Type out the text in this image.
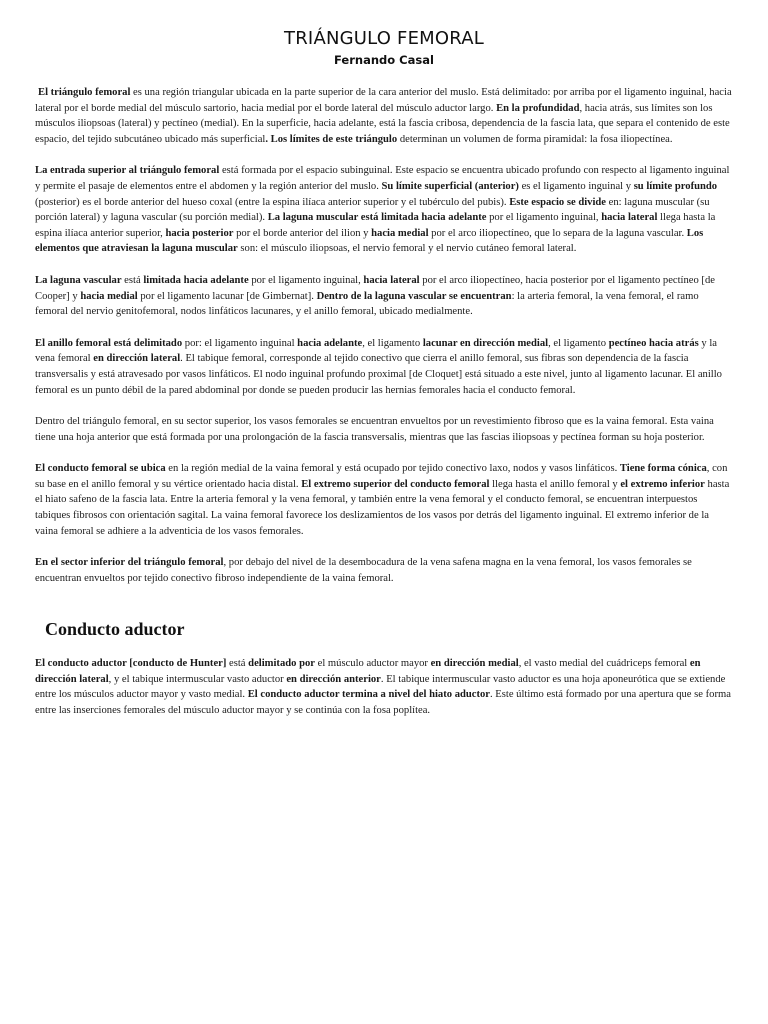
TRIÁNGULO FEMORAL
Fernando Casal

El triángulo femoral es una región triangular ubicada en la parte superior de la cara anterior del muslo. Está delimitado: por arriba por el ligamento inguinal, hacia lateral por el borde medial del músculo sartorio, hacia medial por el borde lateral del músculo aductor largo. En la profundidad, hacia atrás, sus límites son los músculos iliopsoas (lateral) y pectíneo (medial). En la superficie, hacia adelante, está la fascia cribosa, dependencia de la fascia lata, que separa el contenido de este espacio, del tejido subcutáneo ubicado más superficial. Los límites de este triángulo determinan un volumen de forma piramidal: la fosa iliopectínea.

La entrada superior al triángulo femoral está formada por el espacio subinguinal. Este espacio se encuentra ubicado profundo con respecto al ligamento inguinal y permite el pasaje de elementos entre el abdomen y la región anterior del muslo. Su límite superficial (anterior) es el ligamento inguinal y su límite profundo (posterior) es el borde anterior del hueso coxal (entre la espina ilíaca anterior superior y el tubérculo del pubis). Este espacio se divide en: laguna muscular (su porción lateral) y laguna vascular (su porción medial). La laguna muscular está limitada hacia adelante por el ligamento inguinal, hacia lateral llega hasta la espina ilíaca anterior superior, hacia posterior por el borde anterior del ilion y hacia medial por el arco iliopectíneo, que lo separa de la laguna vascular. Los elementos que atraviesan la laguna muscular son: el músculo iliopsoas, el nervio femoral y el nervio cutáneo femoral lateral.

La laguna vascular está limitada hacia adelante por el ligamento inguinal, hacia lateral por el arco iliopectíneo, hacia posterior por el ligamento pectíneo [de Cooper] y hacia medial por el ligamento lacunar [de Gimbernat]. Dentro de la laguna vascular se encuentran: la arteria femoral, la vena femoral, el ramo femoral del nervio genitofemoral, nodos linfáticos lacunares, y el anillo femoral, ubicado medialmente.

El anillo femoral está delimitado por: el ligamento inguinal hacia adelante, el ligamento lacunar en dirección medial, el ligamento pectíneo hacia atrás y la vena femoral en dirección lateral. El tabique femoral, corresponde al tejido conectivo que cierra el anillo femoral, sus fibras son dependencia de la fascia transversalis y está atravesado por vasos linfáticos. El nodo inguinal profundo proximal [de Cloquet] está situado a este nivel, junto al ligamento lacunar. El anillo femoral es un punto débil de la pared abdominal por donde se pueden producir las hernias femorales hacia el conducto femoral.

Dentro del triángulo femoral, en su sector superior, los vasos femorales se encuentran envueltos por un revestimiento fibroso que es la vaina femoral. Esta vaina tiene una hoja anterior que está formada por una prolongación de la fascia transversalis, mientras que las fascias iliopsoas y pectínea forman su hoja posterior.

El conducto femoral se ubica en la región medial de la vaina femoral y está ocupado por tejido conectivo laxo, nodos y vasos linfáticos. Tiene forma cónica, con su base en el anillo femoral y su vértice orientado hacia distal. El extremo superior del conducto femoral llega hasta el anillo femoral y el extremo inferior hasta el hiato safeno de la fascia lata. Entre la arteria femoral y la vena femoral, y también entre la vena femoral y el conducto femoral, se encuentran interpuestos tabiques fibrosos con orientación sagital. La vaina femoral favorece los deslizamientos de los vasos por detrás del ligamento inguinal. El extremo inferior de la vaina femoral se adhiere a la adventicia de los vasos femorales.

En el sector inferior del triángulo femoral, por debajo del nivel de la desembocadura de la vena safena magna en la vena femoral, los vasos femorales se encuentran envueltos por tejido conectivo fibroso independiente de la vaina femoral.

Conducto aductor

El conducto aductor [conducto de Hunter] está delimitado por el músculo aductor mayor en dirección medial, el vasto medial del cuádriceps femoral en dirección lateral, y el tabique intermuscular vasto aductor en dirección anterior. El tabique intermuscular vasto aductor es una hoja aponeurótica que se extiende entre los músculos aductor mayor y vasto medial. El conducto aductor termina a nivel del hiato aductor. Este último está formado por una apertura que se forma entre las inserciones femorales del músculo aductor mayor y se continúa con la fosa poplítea.
